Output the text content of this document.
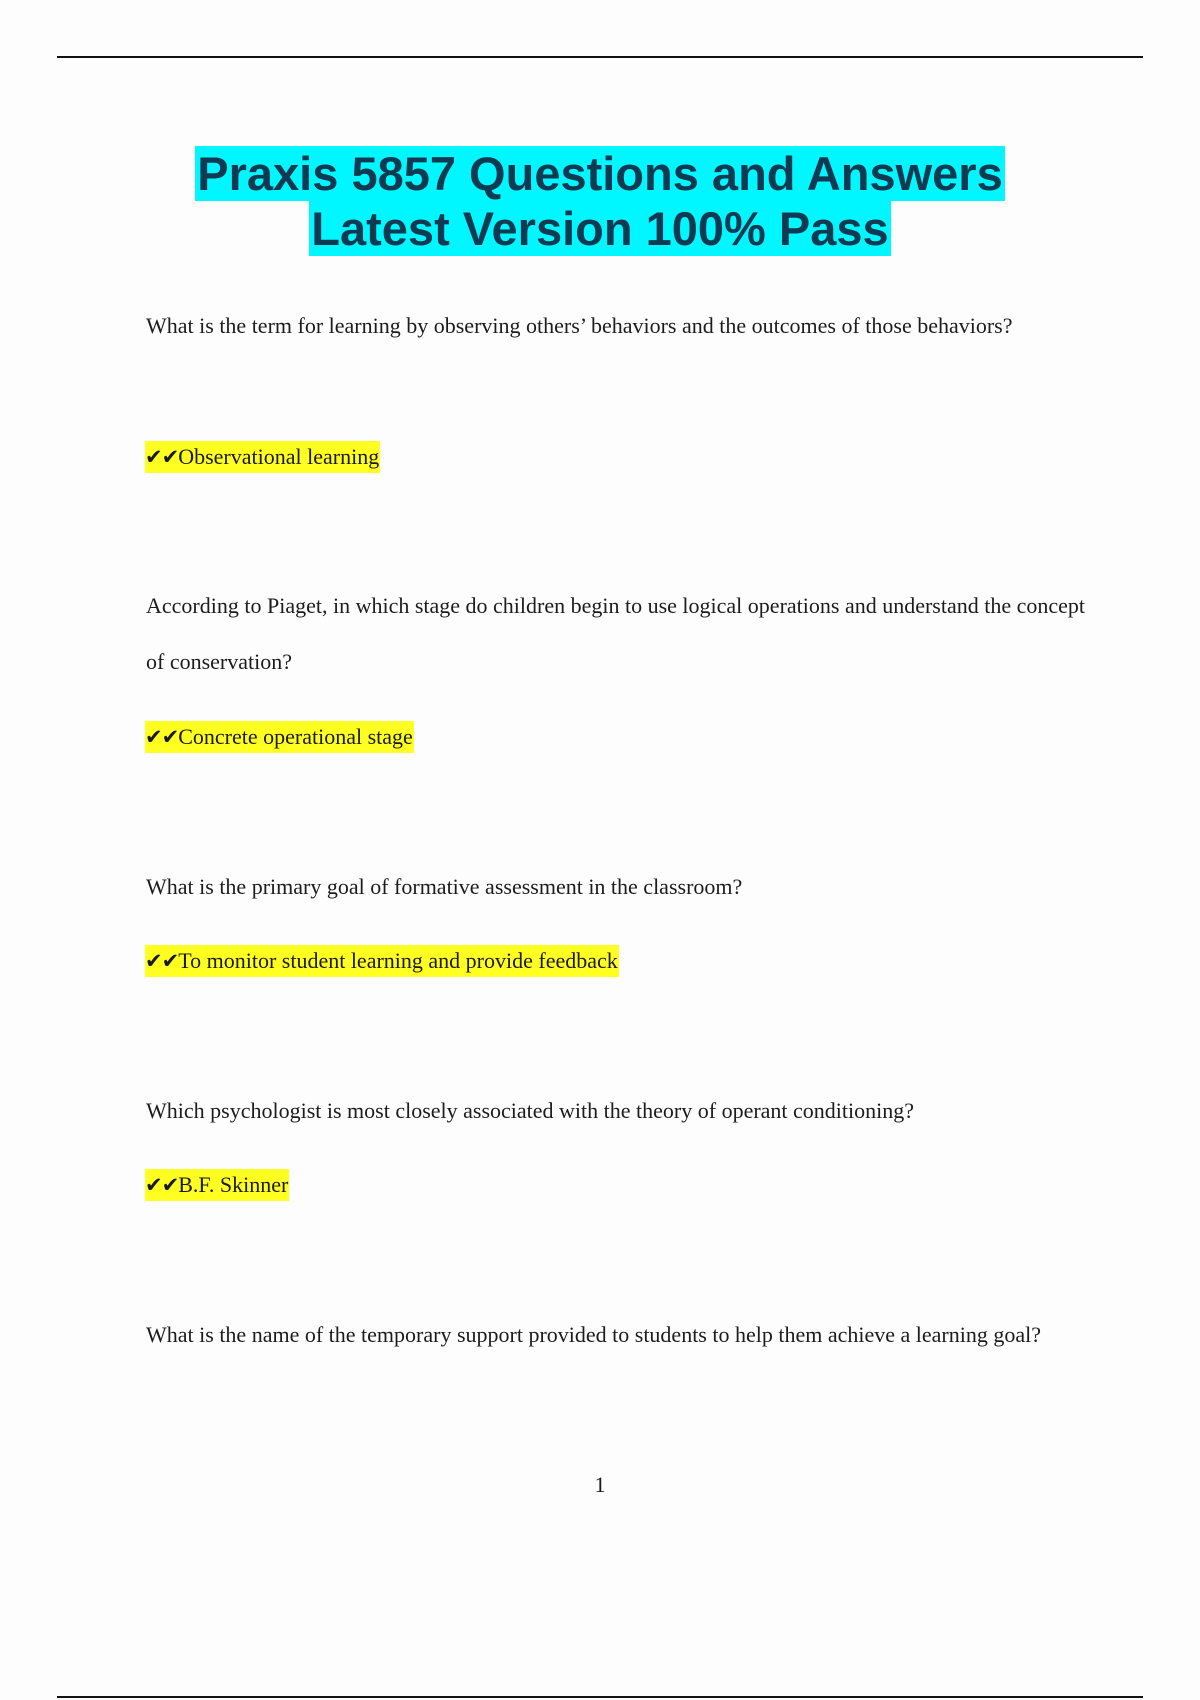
Praxis 5857 Questions and Answers
Latest Version 100% Pass
What is the term for learning by observing others’ behaviors and the outcomes of those behaviors?
✔✔Observational learning
According to Piaget, in which stage do children begin to use logical operations and understand the concept of conservation?
✔✔Concrete operational stage
What is the primary goal of formative assessment in the classroom?
✔✔To monitor student learning and provide feedback
Which psychologist is most closely associated with the theory of operant conditioning?
✔✔B.F. Skinner
What is the name of the temporary support provided to students to help them achieve a learning goal?
1
